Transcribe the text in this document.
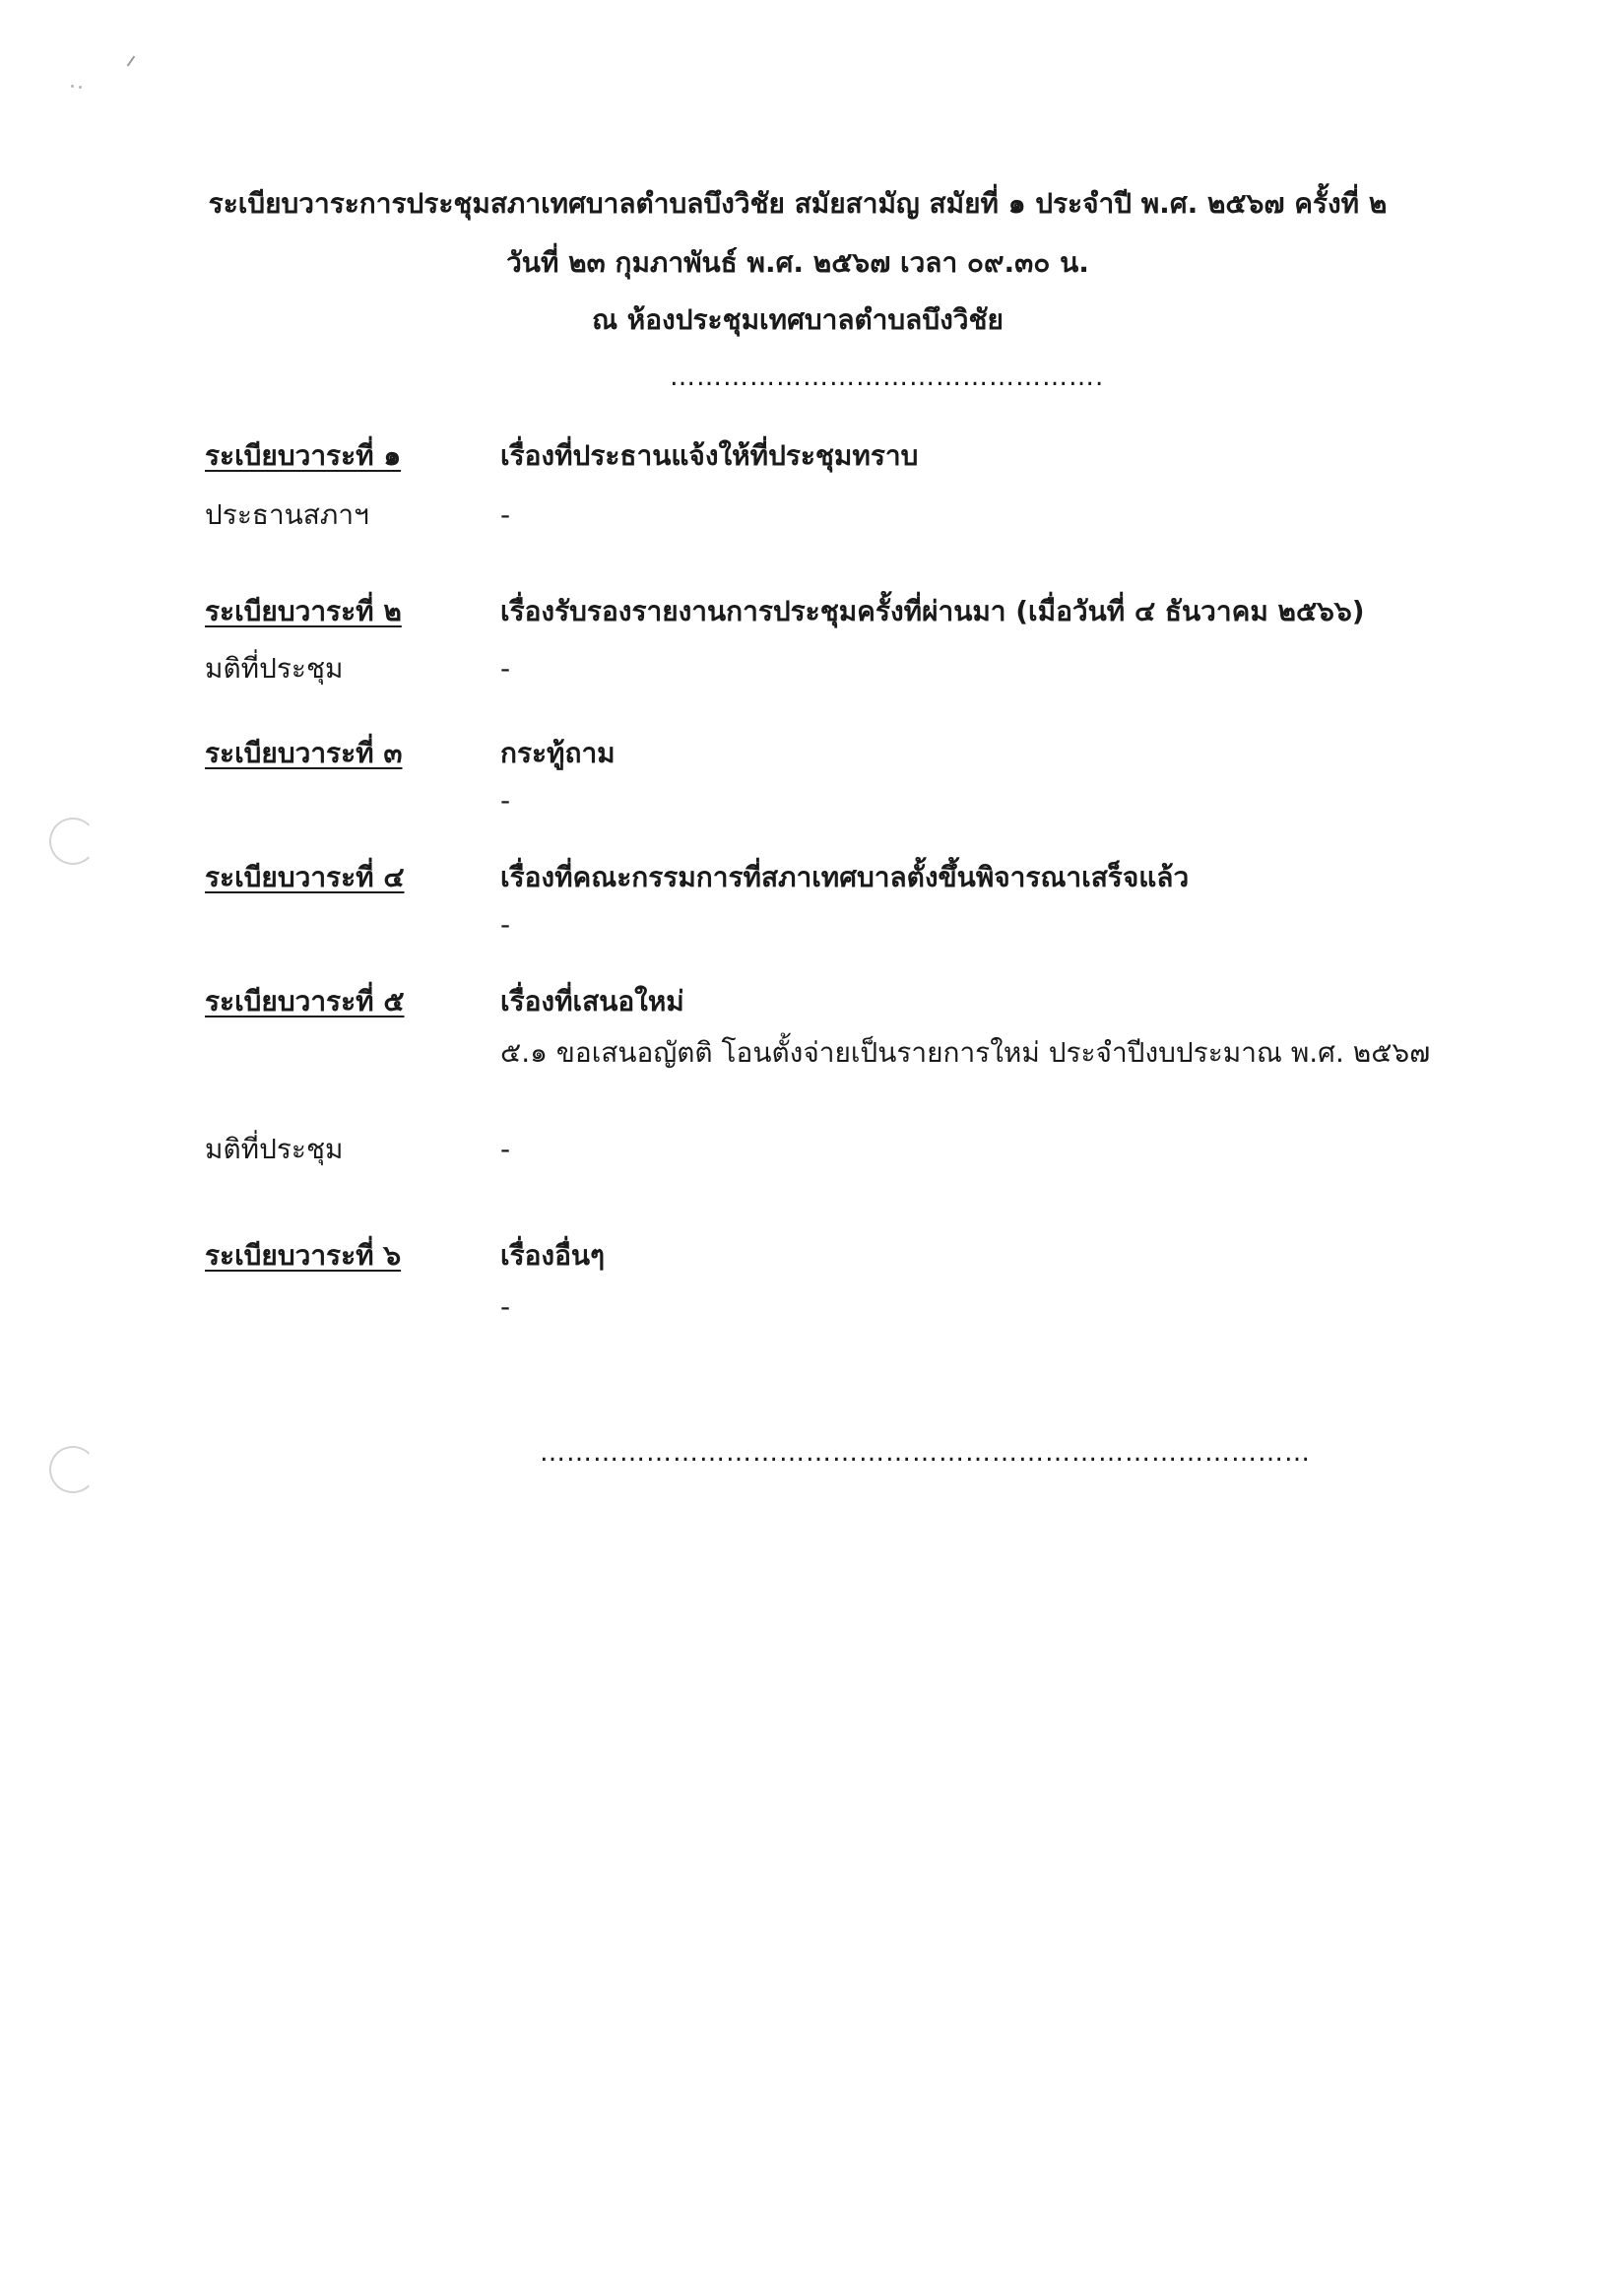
ระเบียบวาระการประชุมสภาเทศบาลตำบลบึงวิชัย สมัยสามัญ สมัยที่ ๑ ประจำปี พ.ศ. ๒๕๖๗ ครั้งที่ ๒
วันที่ ๒๓ กุมภาพันธ์ พ.ศ. ๒๕๖๗ เวลา ๐๙.๓๐ น.
ณ ห้องประชุมเทศบาลตำบลบึงวิชัย
………………………………………….
ระเบียบวาระที่ ๑	เรื่องที่ประธานแจ้งให้ที่ประชุมทราบ
ประธานสภาฯ	-
ระเบียบวาระที่ ๒	เรื่องรับรองรายงานการประชุมครั้งที่ผ่านมา (เมื่อวันที่ ๔ ธันวาคม ๒๕๖๖)
มติที่ประชุม	-
ระเบียบวาระที่ ๓	กระทู้ถาม
-
ระเบียบวาระที่ ๔	เรื่องที่คณะกรรมการที่สภาเทศบาลตั้งขึ้นพิจารณาเสร็จแล้ว
-
ระเบียบวาระที่ ๕	เรื่องที่เสนอใหม่
๕.๑ ขอเสนอญัตติ โอนตั้งจ่ายเป็นรายการใหม่ ประจำปีงบประมาณ พ.ศ. ๒๕๖๗
มติที่ประชุม	-
ระเบียบวาระที่ ๖	เรื่องอื่นๆ
-
……………………………………………………………………………
